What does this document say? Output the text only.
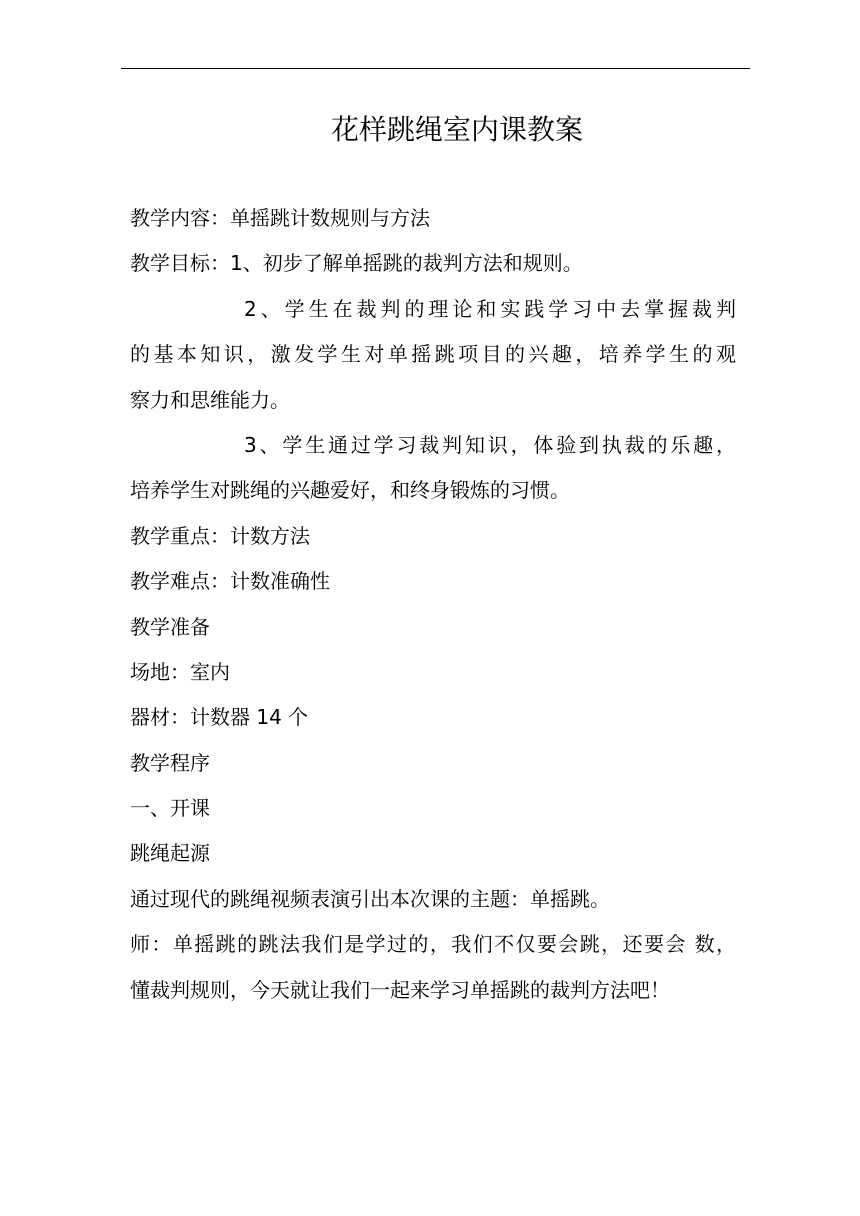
花样跳绳室内课教案
教学内容：单摇跳计数规则与方法
教学目标：1、初步了解单摇跳的裁判方法和规则。
2、学生在裁判的理论和实践学习中去掌握裁判
的基本知识，激发学生对单摇跳项目的兴趣，培养学生的观
察力和思维能力。
3、学生通过学习裁判知识，体验到执裁的乐趣，
培养学生对跳绳的兴趣爱好，和终身锻炼的习惯。
教学重点：计数方法
教学难点：计数准确性
教学准备
场地：室内
器材：计数器 14 个
教学程序
一、开课
跳绳起源
通过现代的跳绳视频表演引出本次课的主题：单摇跳。
师：单摇跳的跳法我们是学过的，我们不仅要会跳，还要会 数，
懂裁判规则，今天就让我们一起来学习单摇跳的裁判方法吧！
